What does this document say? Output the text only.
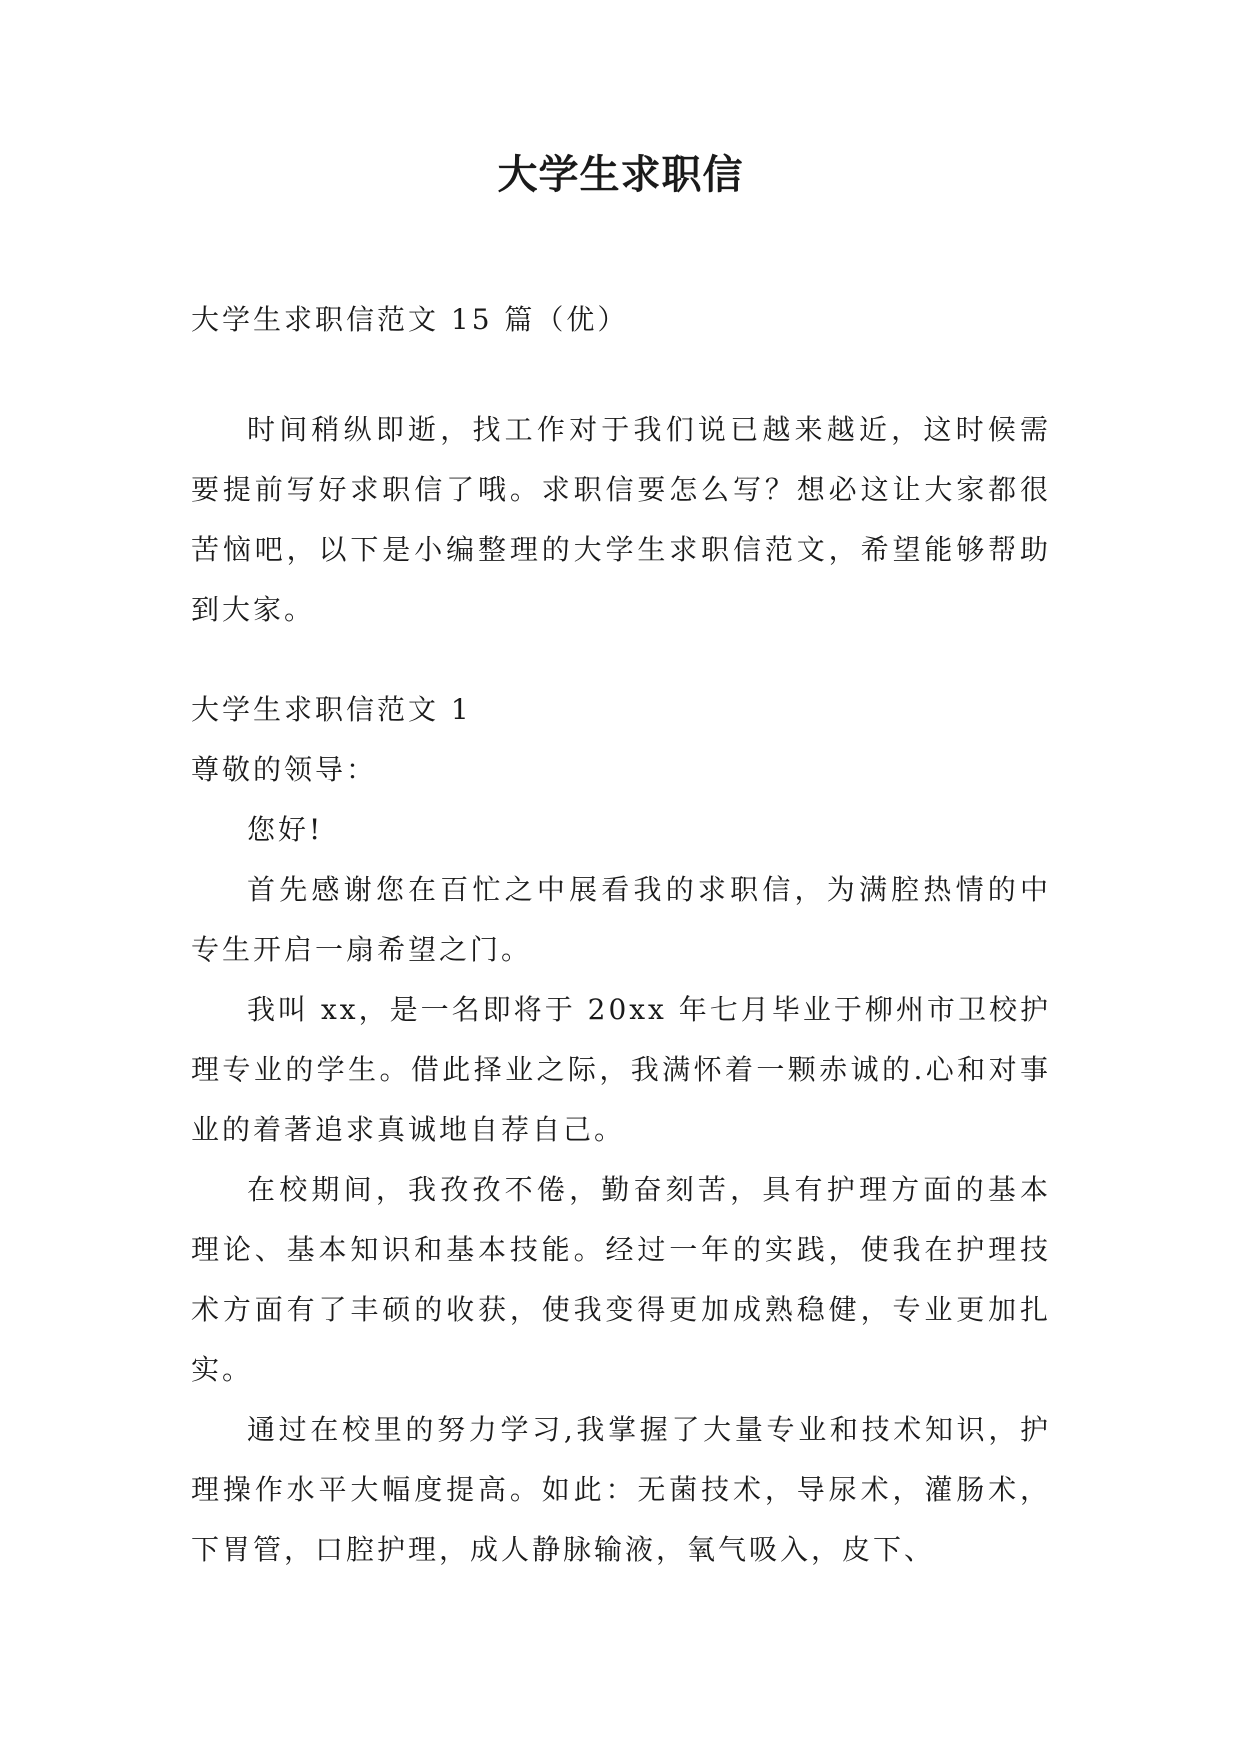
大学生求职信
大学生求职信范文 15 篇（优）

时间稍纵即逝，找工作对于我们说已越来越近，这时候需要提前写好求职信了哦。求职信要怎么写？想必这让大家都很苦恼吧，以下是小编整理的大学生求职信范文，希望能够帮助到大家。

大学生求职信范文 1

尊敬的领导：

您好!

首先感谢您在百忙之中展看我的求职信，为满腔热情的中专生开启一扇希望之门。

我叫 xx，是一名即将于 20xx 年七月毕业于柳州市卫校护理专业的学生。借此择业之际，我满怀着一颗赤诚的.心和对事业的着著追求真诚地自荐自己。

在校期间，我孜孜不倦，勤奋刻苦，具有护理方面的基本理论、基本知识和基本技能。经过一年的实践，使我在护理技术方面有了丰硕的收获，使我变得更加成熟稳健，专业更加扎实。

通过在校里的努力学习,我掌握了大量专业和技术知识，护理操作水平大幅度提高。如此：无菌技术，导尿术，灌肠术，下胃管，口腔护理，成人静脉输液，氧气吸入，皮下、
